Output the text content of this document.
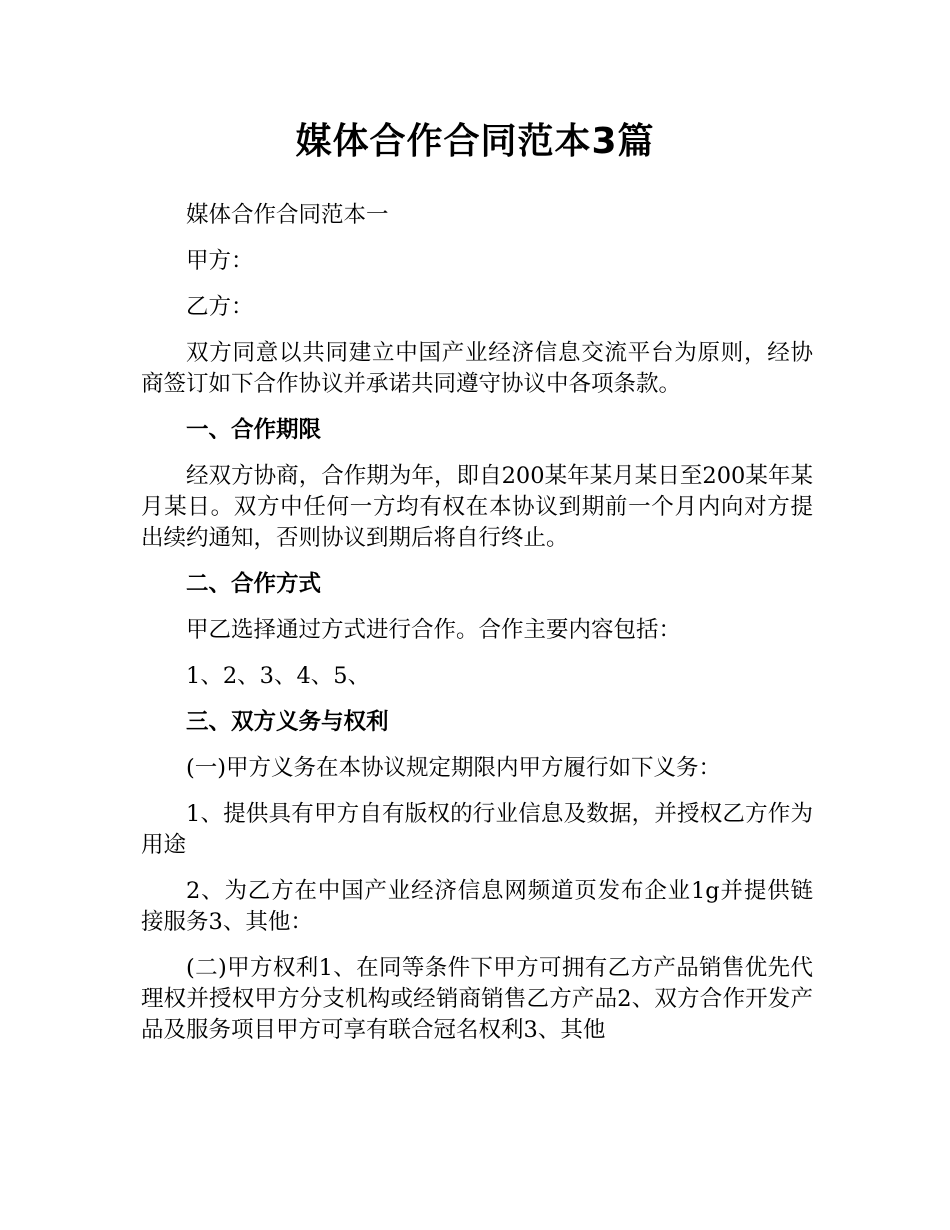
媒体合作合同范本3篇

媒体合作合同范本一

甲方：

乙方：

双方同意以共同建立中国产业经济信息交流平台为原则，经协商签订如下合作协议并承诺共同遵守协议中各项条款。

一、合作期限

经双方协商，合作期为年，即自200某年某月某日至200某年某月某日。双方中任何一方均有权在本协议到期前一个月内向对方提出续约通知，否则协议到期后将自行终止。

二、合作方式

甲乙选择通过方式进行合作。合作主要内容包括：

1、2、3、4、5、

三、双方义务与权利

(一)甲方义务在本协议规定期限内甲方履行如下义务：

1、提供具有甲方自有版权的行业信息及数据，并授权乙方作为用途

2、为乙方在中国产业经济信息网频道页发布企业1g并提供链接服务3、其他：

(二)甲方权利1、在同等条件下甲方可拥有乙方产品销售优先代理权并授权甲方分支机构或经销商销售乙方产品2、双方合作开发产品及服务项目甲方可享有联合冠名权利3、其他
